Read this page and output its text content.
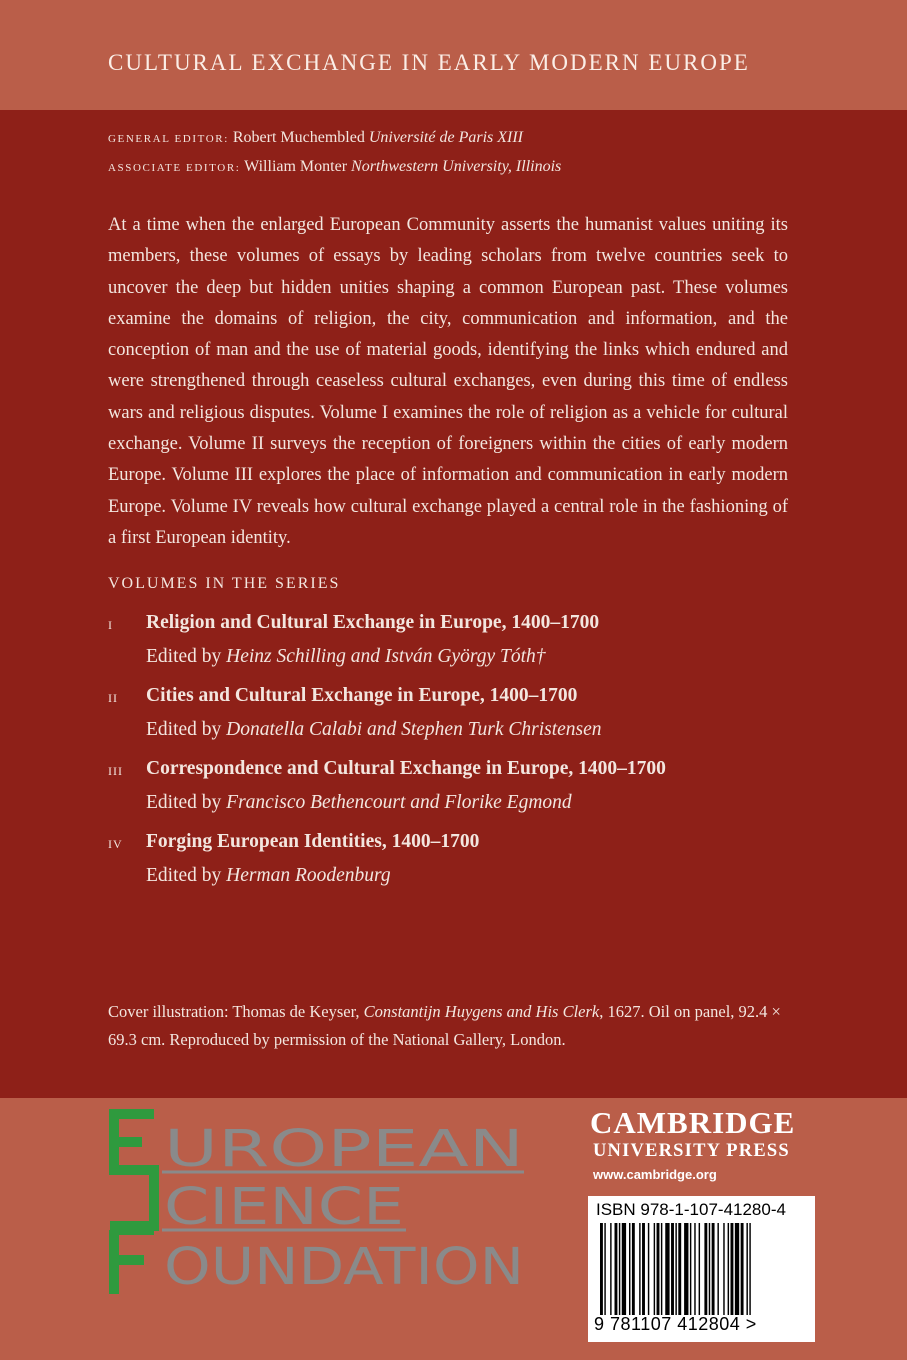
CULTURAL EXCHANGE IN EARLY MODERN EUROPE
GENERAL EDITOR: Robert Muchembled Université de Paris XIII
ASSOCIATE EDITOR: William Monter Northwestern University, Illinois

At a time when the enlarged European Community asserts the humanist values uniting its members, these volumes of essays by leading scholars from twelve countries seek to uncover the deep but hidden unities shaping a common European past. These volumes examine the domains of religion, the city, communication and information, and the conception of man and the use of material goods, identifying the links which endured and were strengthened through ceaseless cultural exchanges, even during this time of endless wars and religious disputes. Volume I examines the role of religion as a vehicle for cultural exchange. Volume II surveys the reception of foreigners within the cities of early modern Europe. Volume III explores the place of information and communication in early modern Europe. Volume IV reveals how cultural exchange played a central role in the fashioning of a first European identity.

VOLUMES IN THE SERIES
I Religion and Cultural Exchange in Europe, 1400–1700
Edited by Heinz Schilling and István György Tóth†
II Cities and Cultural Exchange in Europe, 1400–1700
Edited by Donatella Calabi and Stephen Turk Christensen
III Correspondence and Cultural Exchange in Europe, 1400–1700
Edited by Francisco Bethencourt and Florike Egmond
IV Forging European Identities, 1400–1700
Edited by Herman Roodenburg

Cover illustration: Thomas de Keyser, Constantijn Huygens and His Clerk, 1627. Oil on panel, 92.4 × 69.3 cm. Reproduced by permission of the National Gallery, London.

UROPEAN
CIENCE
OUNDATION
CAMBRIDGE
UNIVERSITY PRESS
www.cambridge.org
ISBN 978-1-107-41280-4
9 781107 412804 >
